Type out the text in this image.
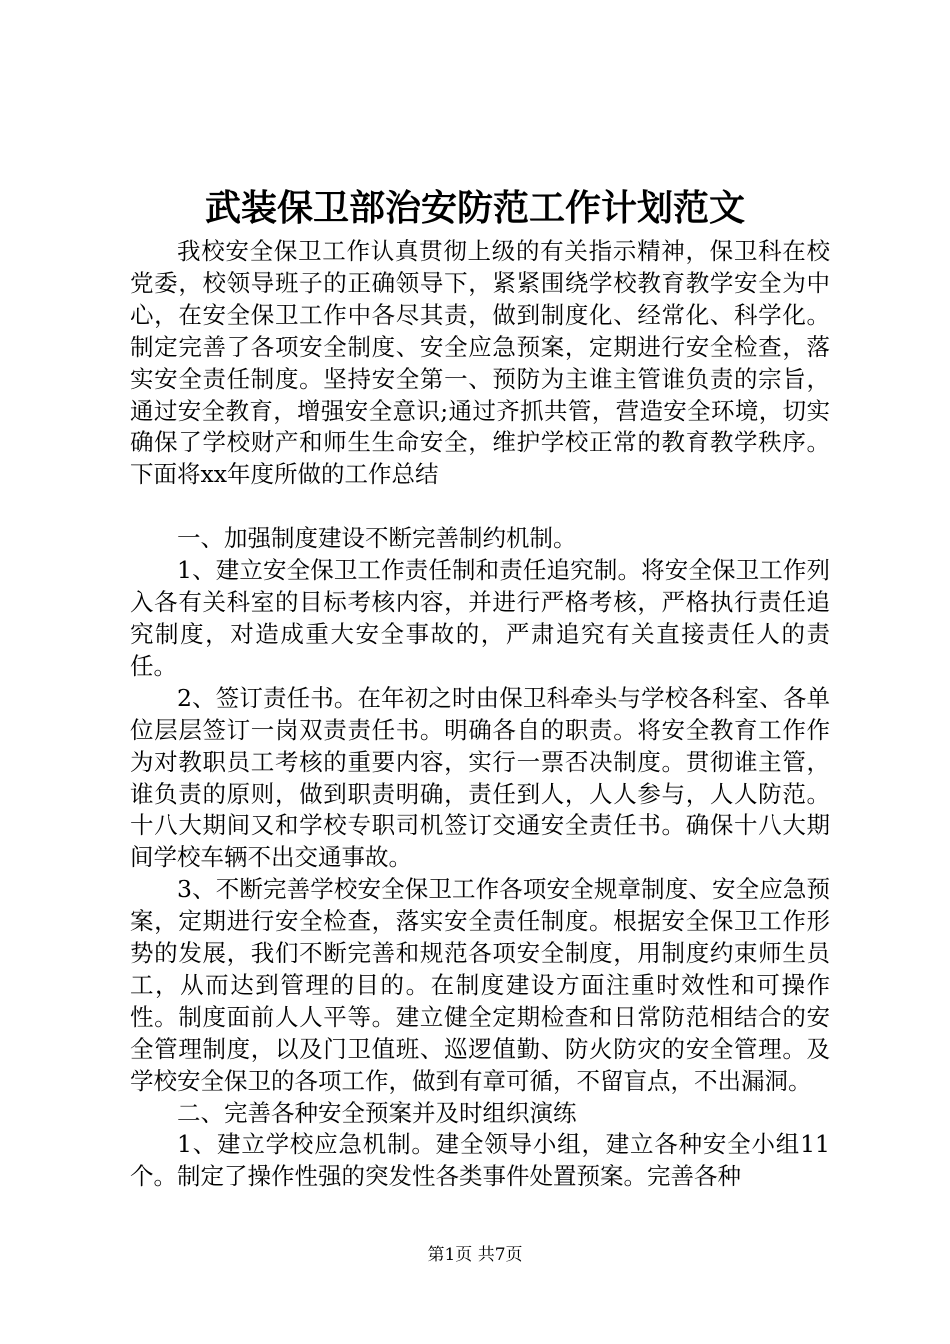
武装保卫部治安防范工作计划范文

我校安全保卫工作认真贯彻上级的有关指示精神，保卫科在校党委，校领导班子的正确领导下，紧紧围绕学校教育教学安全为中心，在安全保卫工作中各尽其责，做到制度化、经常化、科学化。制定完善了各项安全制度、安全应急预案，定期进行安全检查，落实安全责任制度。坚持安全第一、预防为主谁主管谁负责的宗旨，通过安全教育，增强安全意识;通过齐抓共管，营造安全环境，切实确保了学校财产和师生生命安全，维护学校正常的教育教学秩序。下面将xx年度所做的工作总结

一、加强制度建设不断完善制约机制。

1、建立安全保卫工作责任制和责任追究制。将安全保卫工作列入各有关科室的目标考核内容，并进行严格考核，严格执行责任追究制度，对造成重大安全事故的，严肃追究有关直接责任人的责任。

2、签订责任书。在年初之时由保卫科牵头与学校各科室、各单位层层签订一岗双责责任书。明确各自的职责。将安全教育工作作为对教职员工考核的重要内容，实行一票否决制度。贯彻谁主管，谁负责的原则，做到职责明确，责任到人，人人参与，人人防范。十八大期间又和学校专职司机签订交通安全责任书。确保十八大期间学校车辆不出交通事故。

3、不断完善学校安全保卫工作各项安全规章制度、安全应急预案，定期进行安全检查，落实安全责任制度。根据安全保卫工作形势的发展，我们不断完善和规范各项安全制度，用制度约束师生员工，从而达到管理的目的。在制度建设方面注重时效性和可操作性。制度面前人人平等。建立健全定期检查和日常防范相结合的安全管理制度，以及门卫值班、巡逻值勤、防火防灾的安全管理。及学校安全保卫的各项工作，做到有章可循，不留盲点，不出漏洞。

二、完善各种安全预案并及时组织演练

1、建立学校应急机制。建全领导小组，建立各种安全小组11个。制定了操作性强的突发性各类事件处置预案。完善各种

第1页 共7页
